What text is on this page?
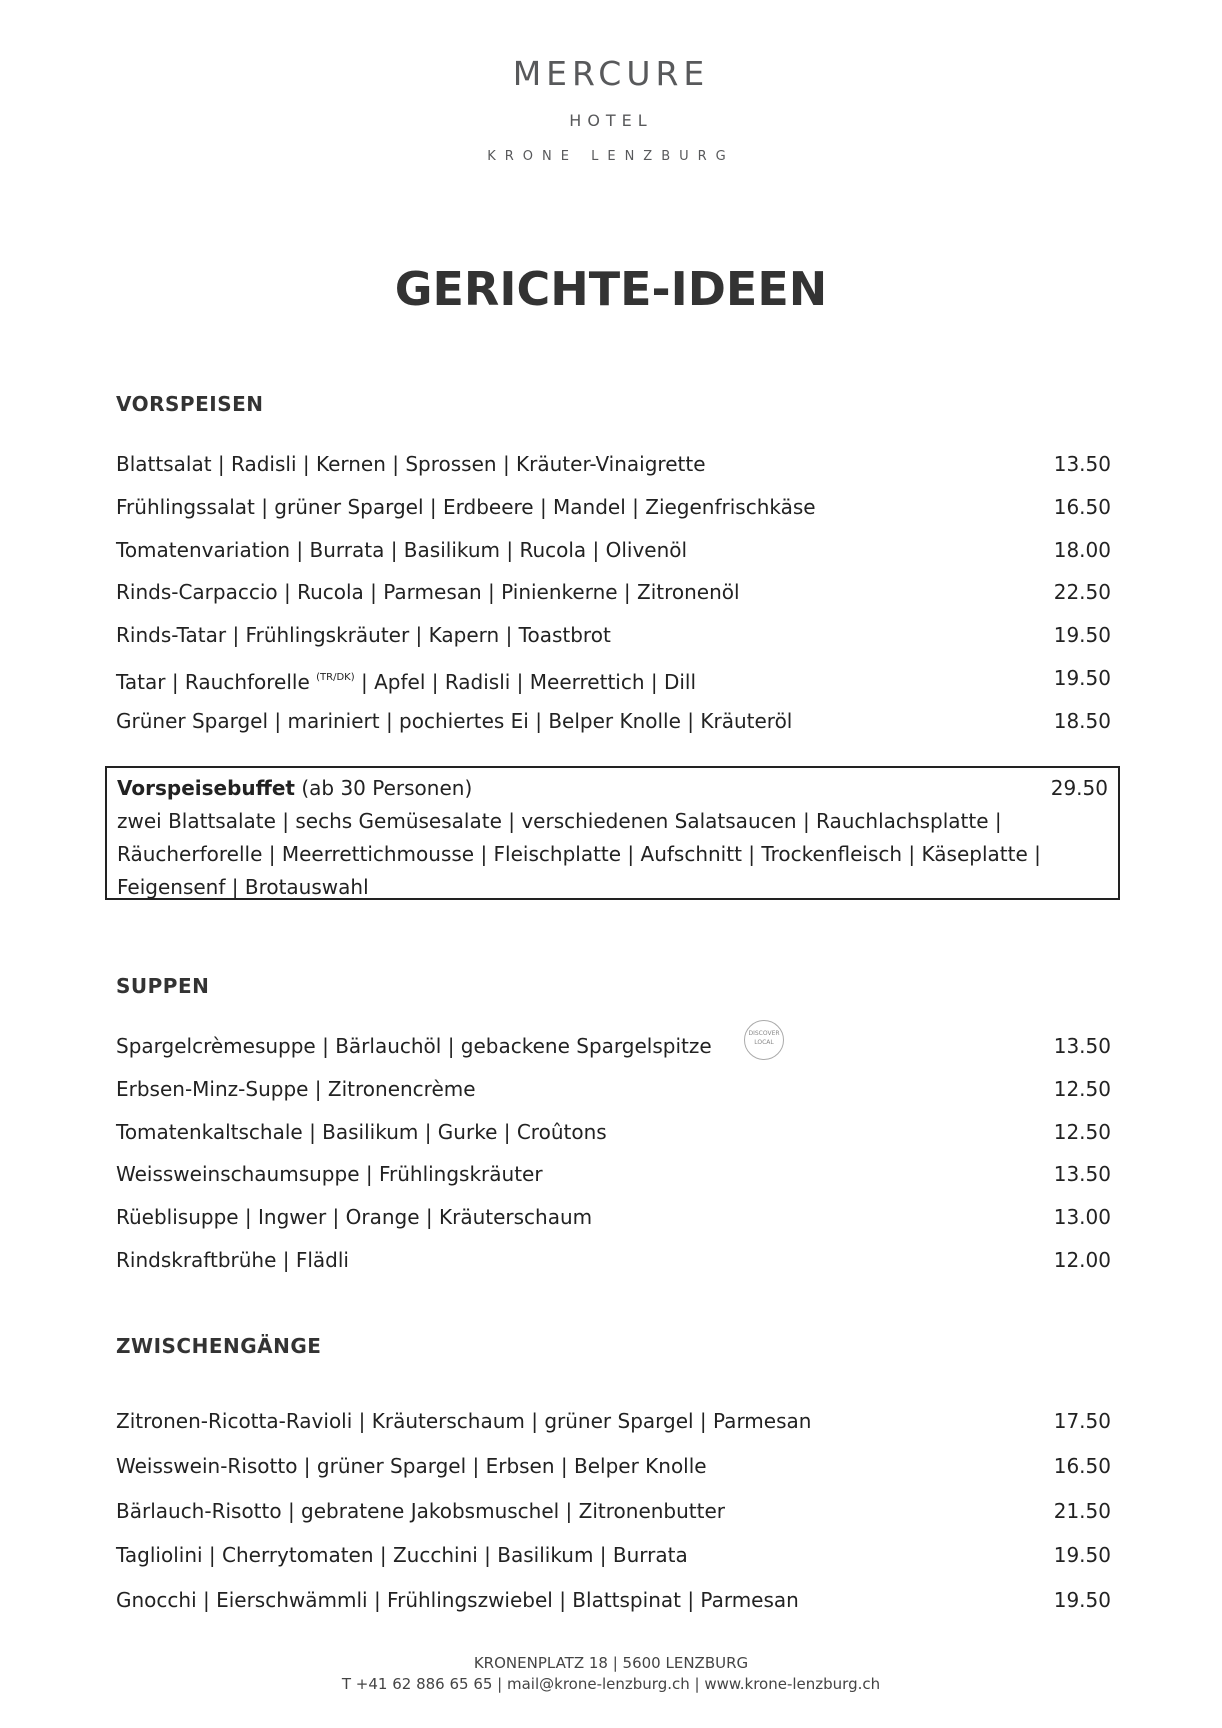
MERCURE
HOTEL
KRONE LENZBURG
GERICHTE-IDEEN
VORSPEISEN
Blattsalat | Radisli | Kernen | Sprossen | Kräuter-Vinaigrette	13.50
Frühlingssalat | grüner Spargel | Erdbeere | Mandel | Ziegenfrischkäse	16.50
Tomatenvariation | Burrata | Basilikum | Rucola | Olivenöl	18.00
Rinds-Carpaccio | Rucola | Parmesan | Pinienkerne | Zitronenöl	22.50
Rinds-Tatar | Frühlingskräuter | Kapern | Toastbrot	19.50
Tatar | Rauchforelle $^{(TR/DK)}$ | Apfel | Radisli | Meerrettich | Dill	19.50
Grüner Spargel | mariniert | pochiertes Ei | Belper Knolle | Kräuteröl	18.50
Vorspeisebuffet (ab 30 Personen)	29.50
zwei Blattsalate | sechs Gemüsesalate | verschiedenen Salatsaucen | Rauchlachsplatte |
Räucherforelle | Meerrettichmousse | Fleischplatte | Aufschnitt | Trockenfleisch | Käseplatte |
Feigensenf | Brotauswahl
SUPPEN
Spargelcrèmesuppe | Bärlauchöl | gebackene Spargelspitze	13.50
DISCOVER LOCAL
Erbsen-Minz-Suppe | Zitronencrème	12.50
Tomatenkaltschale | Basilikum | Gurke | Croûtons	12.50
Weissweinschaumsuppe | Frühlingskräuter	13.50
Rüeblisuppe | Ingwer | Orange | Kräuterschaum	13.00
Rindskraftbrühe | Flädli	12.00
ZWISCHENGÄNGE
Zitronen-Ricotta-Ravioli | Kräuterschaum | grüner Spargel | Parmesan	17.50
Weisswein-Risotto | grüner Spargel | Erbsen | Belper Knolle	16.50
Bärlauch-Risotto | gebratene Jakobsmuschel | Zitronenbutter	21.50
Tagliolini | Cherrytomaten | Zucchini | Basilikum | Burrata	19.50
Gnocchi | Eierschwämmli | Frühlingszwiebel | Blattspinat | Parmesan	19.50
KRONENPLATZ 18 | 5600 LENZBURG
T +41 62 886 65 65 | mail@krone-lenzburg.ch | www.krone-lenzburg.ch
